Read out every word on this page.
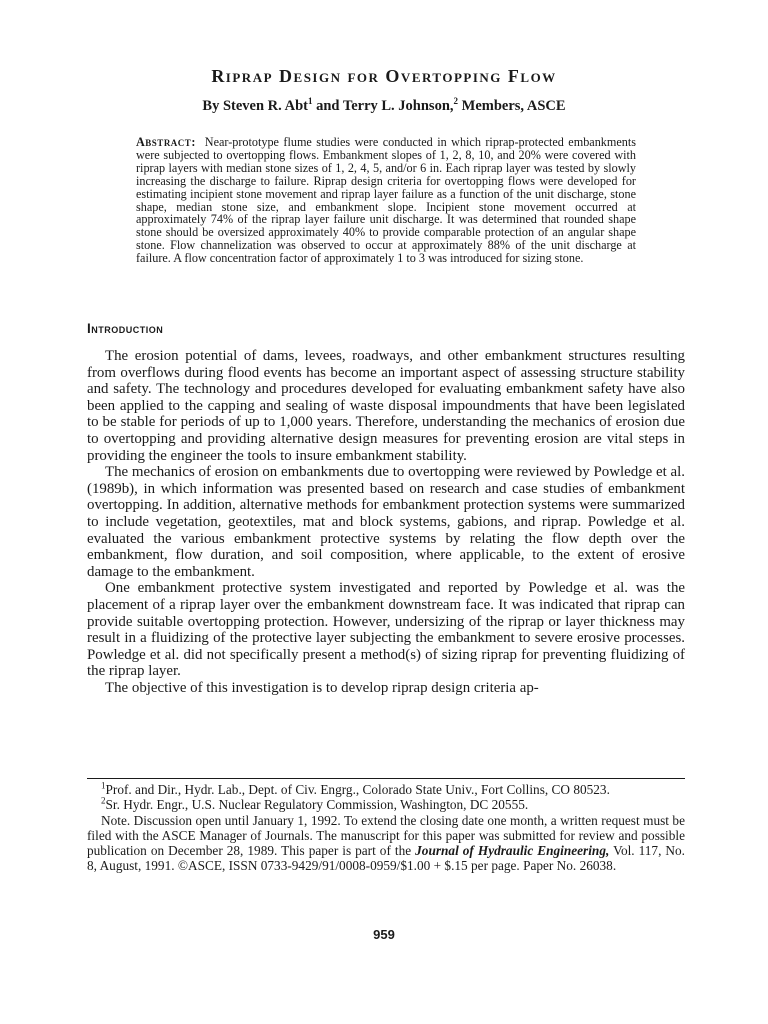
Riprap Design for Overtopping Flow
By Steven R. Abt$^1$ and Terry L. Johnson,$^2$ Members, ASCE

Abstract: Near-prototype flume studies were conducted in which riprap-protected embankments were subjected to overtopping flows. Embankment slopes of 1, 2, 8, 10, and 20% were covered with riprap layers with median stone sizes of 1, 2, 4, 5, and/or 6 in. Each riprap layer was tested by slowly increasing the discharge to failure. Riprap design criteria for overtopping flows were developed for estimating incipient stone movement and riprap layer failure as a function of the unit discharge, stone shape, median stone size, and embankment slope. Incipient stone movement occurred at approximately 74% of the riprap layer failure unit discharge. It was determined that rounded shape stone should be oversized approximately 40% to provide comparable protection of an angular shape stone. Flow channelization was observed to occur at approximately 88% of the unit discharge at failure. A flow concentration factor of approximately 1 to 3 was introduced for sizing stone.

Introduction

The erosion potential of dams, levees, roadways, and other embankment structures resulting from overflows during flood events has become an important aspect of assessing structure stability and safety. The technology and procedures developed for evaluating embankment safety have also been applied to the capping and sealing of waste disposal impoundments that have been legislated to be stable for periods of up to 1,000 years. Therefore, understanding the mechanics of erosion due to overtopping and providing alternative design measures for preventing erosion are vital steps in providing the engineer the tools to insure embankment stability.

The mechanics of erosion on embankments due to overtopping were reviewed by Powledge et al. (1989b), in which information was presented based on research and case studies of embankment overtopping. In addition, alternative methods for embankment protection systems were summarized to include vegetation, geotextiles, mat and block systems, gabions, and riprap. Powledge et al. evaluated the various embankment protective systems by relating the flow depth over the embankment, flow duration, and soil composition, where applicable, to the extent of erosive damage to the embankment.

One embankment protective system investigated and reported by Powledge et al. was the placement of a riprap layer over the embankment downstream face. It was indicated that riprap can provide suitable overtopping protection. However, undersizing of the riprap or layer thickness may result in a fluidizing of the protective layer subjecting the embankment to severe erosive processes. Powledge et al. did not specifically present a method(s) of sizing riprap for preventing fluidizing of the riprap layer.

The objective of this investigation is to develop riprap design criteria ap-

$^1$Prof. and Dir., Hydr. Lab., Dept. of Civ. Engrg., Colorado State Univ., Fort Collins, CO 80523.

$^2$Sr. Hydr. Engr., U.S. Nuclear Regulatory Commission, Washington, DC 20555.

Note. Discussion open until January 1, 1992. To extend the closing date one month, a written request must be filed with the ASCE Manager of Journals. The manuscript for this paper was submitted for review and possible publication on December 28, 1989. This paper is part of the Journal of Hydraulic Engineering, Vol. 117, No. 8, August, 1991. ©ASCE, ISSN 0733-9429/91/0008-0959/$1.00 + $.15 per page. Paper No. 26038.

959
